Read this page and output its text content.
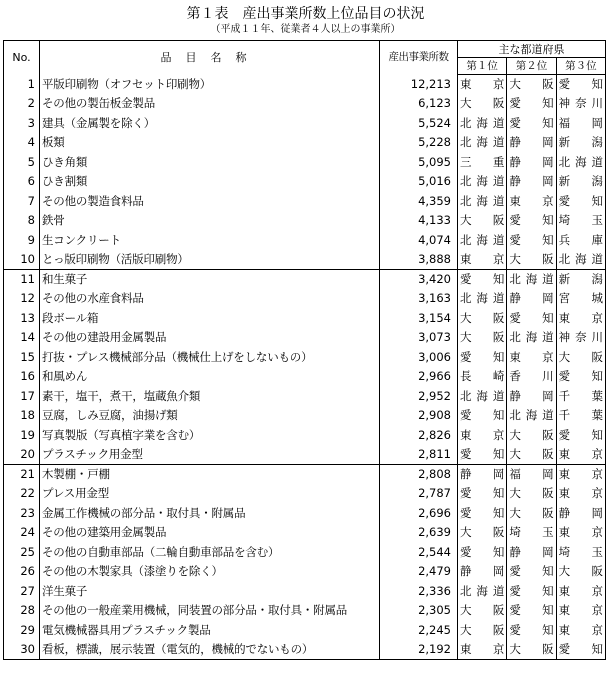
第１表　産出事業所数上位品目の状況
（平成１１年、従業者４人以上の事業所）
No.	品目名称	産出事業所数	主な都道府県		
			第１位	第２位	第３位
1	平版印刷物（オフセット印刷物）	12,213	東京	大阪	愛知
2	その他の製缶板金製品	6,123	大阪	愛知	神奈川
3	建具（金属製を除く）	5,524	北海道	愛知	福岡
4	板類	5,228	北海道	静岡	新潟
5	ひき角類	5,095	三重	静岡	北海道
6	ひき割類	5,016	北海道	静岡	新潟
7	その他の製造食料品	4,359	北海道	東京	愛知
8	鉄骨	4,133	大阪	愛知	埼玉
9	生コンクリート	4,074	北海道	愛知	兵庫
10	とっ版印刷物（活版印刷物）	3,888	東京	大阪	北海道
11	和生菓子	3,420	愛知	北海道	新潟
12	その他の水産食料品	3,163	北海道	静岡	宮城
13	段ボール箱	3,154	大阪	愛知	東京
14	その他の建設用金属製品	3,073	大阪	北海道	神奈川
15	打抜・プレス機械部分品（機械仕上げをしないもの）	3,006	愛知	東京	大阪
16	和風めん	2,966	長崎	香川	愛知
17	素干，塩干，煮干，塩蔵魚介類	2,952	北海道	静岡	千葉
18	豆腐，しみ豆腐，油揚げ類	2,908	愛知	北海道	千葉
19	写真製版（写真植字業を含む）	2,826	東京	大阪	愛知
20	プラスチック用金型	2,811	愛知	大阪	東京
21	木製棚・戸棚	2,808	静岡	福岡	東京
22	プレス用金型	2,787	愛知	大阪	東京
23	金属工作機械の部分品・取付具・附属品	2,696	愛知	大阪	静岡
24	その他の建築用金属製品	2,639	大阪	埼玉	東京
25	その他の自動車部品（二輪自動車部品を含む）	2,544	愛知	静岡	埼玉
26	その他の木製家具（漆塗りを除く）	2,479	静岡	愛知	大阪
27	洋生菓子	2,336	北海道	愛知	東京
28	その他の一般産業用機械，同装置の部分品・取付具・附属品	2,305	大阪	愛知	東京
29	電気機械器具用プラスチック製品	2,245	大阪	愛知	東京
30	看板，標識，展示装置（電気的，機械的でないもの）	2,192	東京	大阪	愛知
